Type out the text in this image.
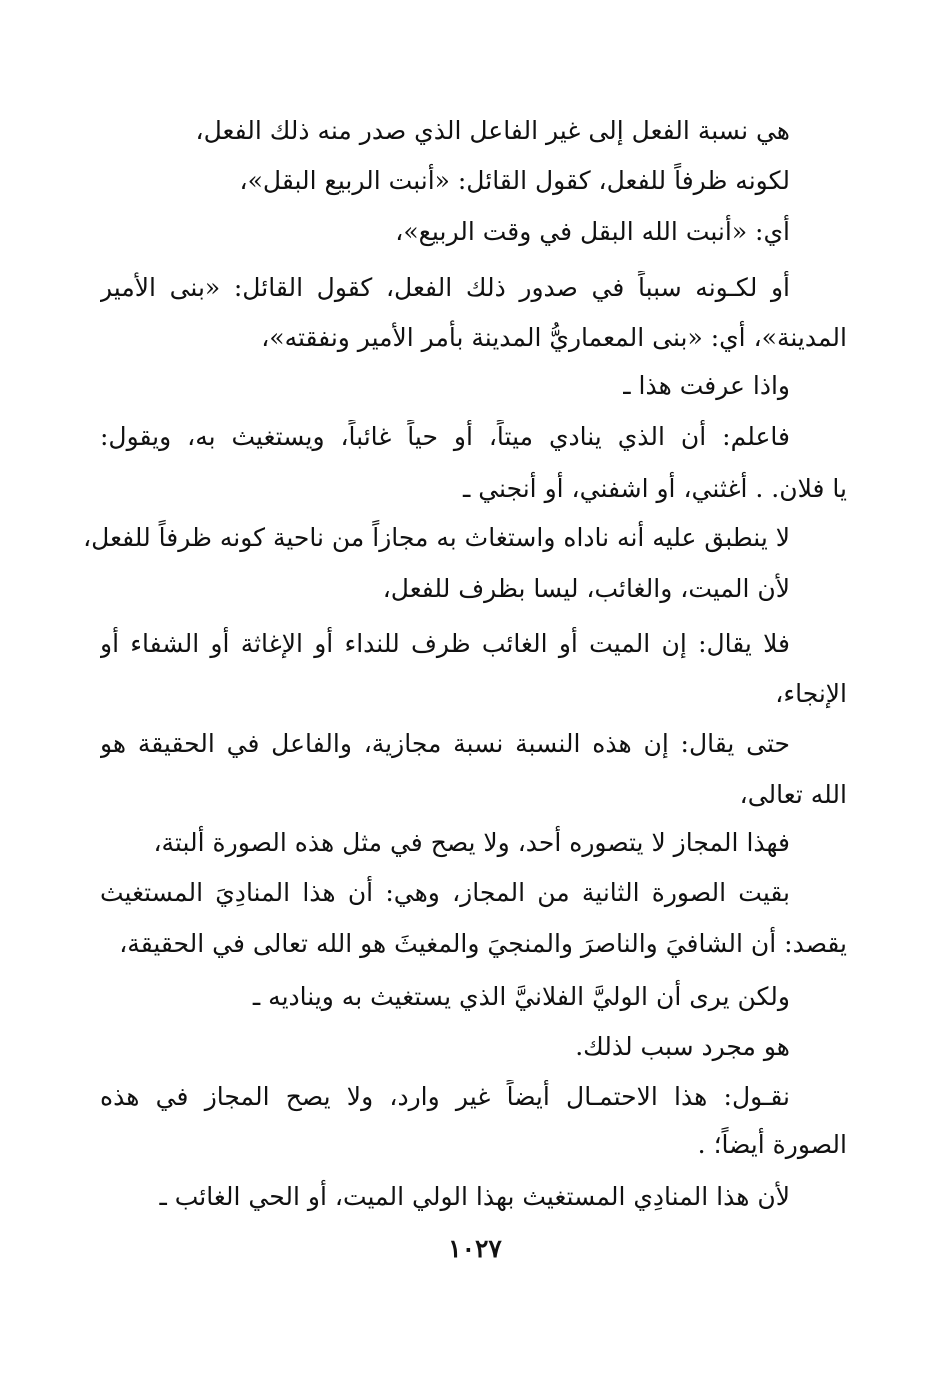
هي نسبة الفعل إلى غير الفاعل الذي صدر منه ذلك الفعل،
لكونه ظرفاً للفعل، كقول القائل: «أنبت الربيع البقل»،
أي: «أنبت الله البقل في وقت الربيع»،
أو لكـونه سبباً في صدور ذلك الفعل، كقول القائل: «بنى الأمير
المدينة»، أي: «بنى المعماريُّ المدينة بأمر الأمير ونفقته»،
واذا عرفت هذا ـ
فاعلم: أن الذي ينادي ميتاً، أو حياً غائباً، ويستغيث به، ويقول:
يا فلان. . أغثني، أو اشفني، أو أنجني ـ
لا ينطبق عليه أنه ناداه واستغاث به مجازاً من ناحية كونه ظرفاً للفعل،
لأن الميت، والغائب، ليسا بظرف للفعل،
فلا يقال: إن الميت أو الغائب ظرف للنداء أو الإغاثة أو الشفاء أو
الإنجاء،
حتى يقال: إن هذه النسبة نسبة مجازية، والفاعل في الحقيقة هو
الله تعالى،
فهذا المجاز لا يتصوره أحد، ولا يصح في مثل هذه الصورة ألبتة،
بقيت الصورة الثانية من المجاز، وهي: أن هذا المنادِيَ المستغيث
يقصد: أن الشافيَ والناصرَ والمنجيَ والمغيثَ هو الله تعالى في الحقيقة،
ولكن يرى أن الوليَّ الفلانيَّ الذي يستغيث به ويناديه ـ
هو مجرد سبب لذلك.
نقـول: هذا الاحتمـال أيضاً غير وارد، ولا يصح المجاز في هذه
الصورة أيضاً؛ .
لأن هذا المنادِي المستغيث بهذا الولي الميت، أو الحي الغائب ـ
١٠٢٧
